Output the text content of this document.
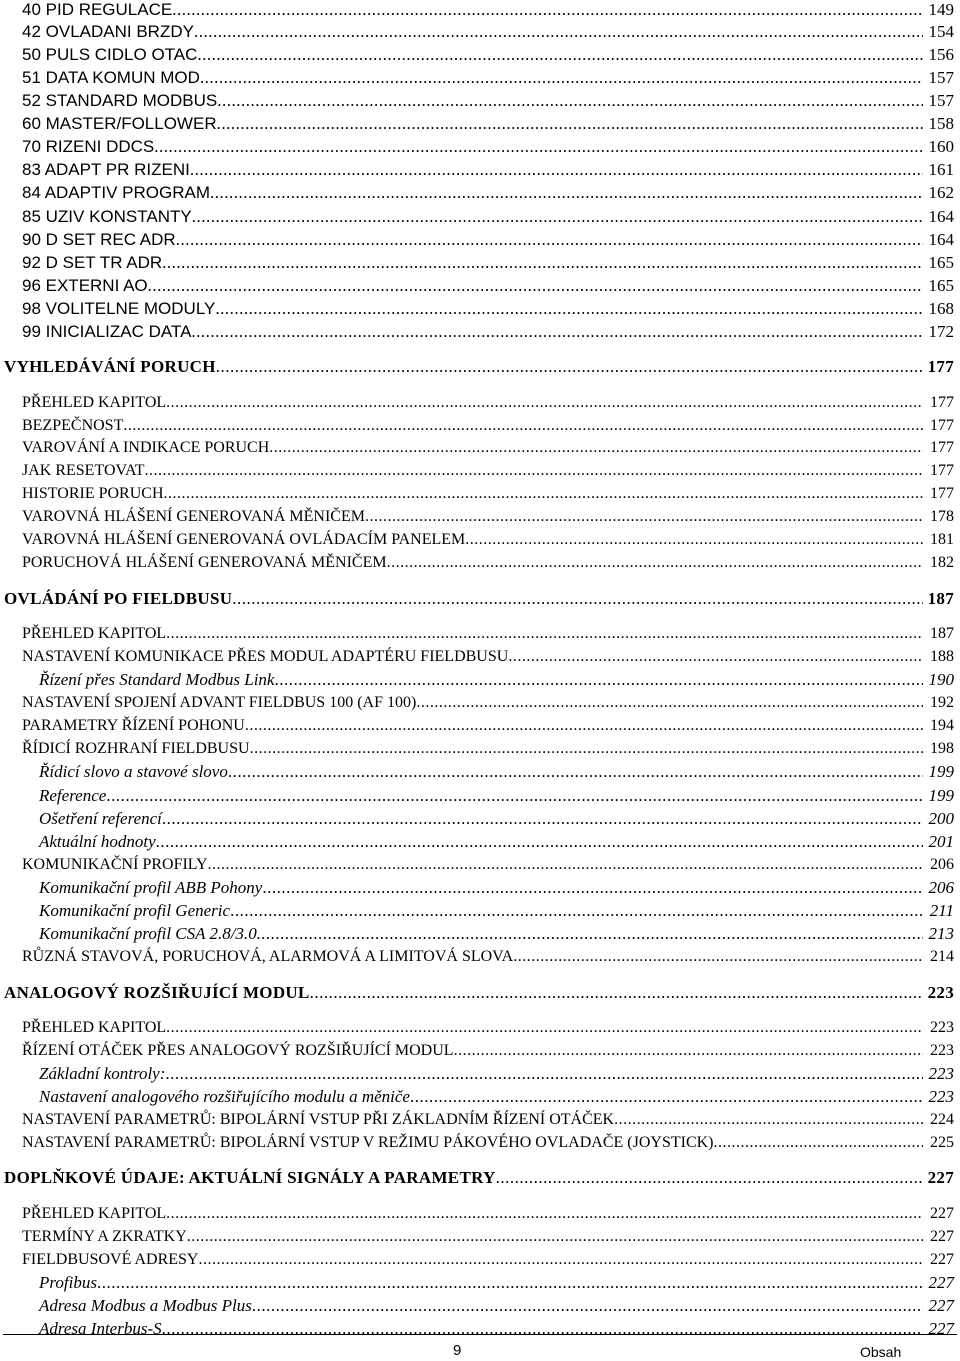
40 PID REGULACE .....	149
42 OVLADANI BRZDY .....	154
50 PULS CIDLO OTAC .....	156
51 DATA KOMUN MOD .....	157
52 STANDARD MODBUS .....	157
60 MASTER/FOLLOWER .....	158
70 RIZENI DDCS .....	160
83 ADAPT PR RIZENI .....	161
84 ADAPTIV PROGRAM .....	162
85 UZIV KONSTANTY .....	164
90 D SET REC ADR .....	164
92 D SET TR ADR .....	165
96 EXTERNI AO .....	165
98 VOLITELNE MODULY .....	168
99 INICIALIZAC DATA .....	172
VYHLEDÁVÁNÍ PORUCH .....	177
PŘEHLED KAPITOL .....	177
BEZPEČNOST .....	177
VAROVÁNÍ A INDIKACE PORUCH .....	177
JAK RESETOVAT .....	177
HISTORIE PORUCH .....	177
VAROVNÁ HLÁŠENÍ GENEROVANÁ MĚNIČEM .....	178
VAROVNÁ HLÁŠENÍ GENEROVANÁ OVLÁDACÍM PANELEM .....	181
PORUCHOVÁ HLÁŠENÍ GENEROVANÁ MĚNIČEM .....	182
OVLÁDÁNÍ PO FIELDBUSU .....	187
PŘEHLED KAPITOL .....	187
NASTAVENÍ KOMUNIKACE PŘES MODUL ADAPTÉRU FIELDBUSU .....	188
Řízení přes Standard Modbus Link .....	190
NASTAVENÍ SPOJENÍ ADVANT FIELDBUS 100 (AF 100) .....	192
PARAMETRY ŘÍZENÍ POHONU .....	194
ŘÍDICÍ ROZHRANÍ FIELDBUSU .....	198
Řídicí slovo a stavové slovo .....	199
Reference .....	199
Ošetření referencí .....	200
Aktuální hodnoty .....	201
KOMUNIKAČNÍ PROFILY .....	206
Komunikační profil ABB Pohony .....	206
Komunikační profil Generic .....	211
Komunikační profil CSA 2.8/3.0. .....	213
RŮZNÁ STAVOVÁ, PORUCHOVÁ, ALARMOVÁ A LIMITOVÁ SLOVA .....	214
ANALOGOVÝ ROZŠIŘUJÍCÍ MODUL .....	223
PŘEHLED KAPITOL .....	223
ŘÍZENÍ OTÁČEK PŘES ANALOGOVÝ ROZŠIŘUJÍCÍ MODUL .....	223
Základní kontroly: .....	223
Nastavení analogového rozšiřujícího modulu a měniče .....	223
NASTAVENÍ PARAMETRŮ: BIPOLÁRNÍ VSTUP PŘI ZÁKLADNÍM ŘÍZENÍ OTÁČEK .....	224
NASTAVENÍ PARAMETRŮ: BIPOLÁRNÍ VSTUP V REŽIMU PÁKOVÉHO OVLADAČE (JOYSTICK) .....	225
DOPLŇKOVÉ ÚDAJE: AKTUÁLNÍ SIGNÁLY A PARAMETRY .....	227
PŘEHLED KAPITOL .....	227
TERMÍNY A ZKRATKY .....	227
FIELDBUSOVÉ ADRESY .....	227
Profibus .....	227
Adresa Modbus a Modbus Plus .....	227
Adresa Interbus-S .....	227
9	Obsah
